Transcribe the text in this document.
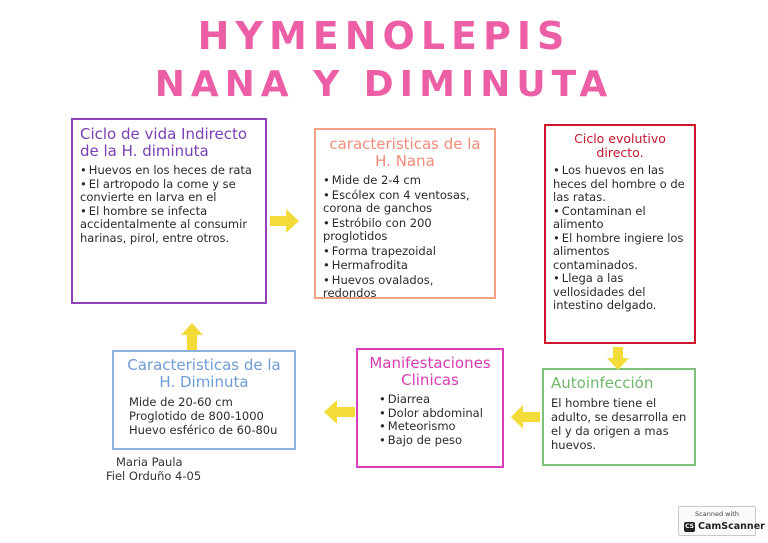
HYMENOLEPIS
NANA Y DIMINUTA
Ciclo de vida Indirecto de la H. diminuta
• Huevos en los heces de rata
• El artropodo la come y se convierte en larva en el
• El hombre se infecta accidentalmente al consumir harinas, pirol, entre otros.
caracteristicas de la H. Nana
• Mide de 2-4 cm
• Escólex con 4 ventosas, corona de ganchos
• Estróbilo con 200 proglotidos
• Forma trapezoidal
• Hermafrodita
• Huevos ovalados, redondos
Ciclo evolutivo directo.
• Los huevos en las heces del hombre o de las ratas.
• Contaminan el alimento
• El hombre ingiere los alimentos contaminados.
• Llega a las vellosidades del intestino delgado.
Autoinfección
El hombre tiene el adulto, se desarrolla en el y da origen a mas huevos.
Manifestaciones Clinicas
• Diarrea
• Dolor abdominal
• Meteorismo
• Bajo de peso
Caracteristicas de la H. Diminuta
Mide de 20-60 cm
Proglotido de 800-1000
Huevo esférico de 60-80u
Maria Paula
Fiel Orduño 4-05
Scanned with
CS CamScanner
